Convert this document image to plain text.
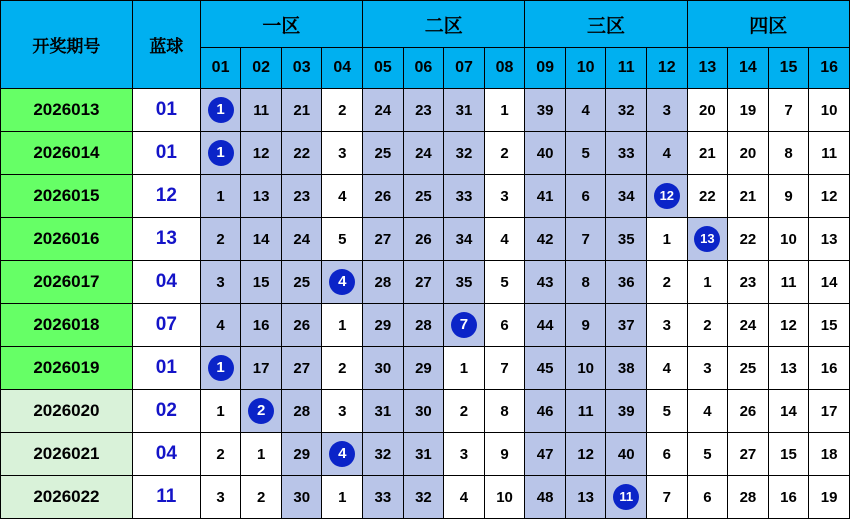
开奖期号	蓝球	一区				二区				三区				四区			
		01	02	03	04	05	06	07	08	09	10	11	12	13	14	15	16
2026013	01	1	11	21	2	24	23	31	1	39	4	32	3	20	19	7	10
2026014	01	1	12	22	3	25	24	32	2	40	5	33	4	21	20	8	11
2026015	12	1	13	23	4	26	25	33	3	41	6	34	12	22	21	9	12
2026016	13	2	14	24	5	27	26	34	4	42	7	35	1	13	22	10	13
2026017	04	3	15	25	4	28	27	35	5	43	8	36	2	1	23	11	14
2026018	07	4	16	26	1	29	28	7	6	44	9	37	3	2	24	12	15
2026019	01	1	17	27	2	30	29	1	7	45	10	38	4	3	25	13	16
2026020	02	1	2	28	3	31	30	2	8	46	11	39	5	4	26	14	17
2026021	04	2	1	29	4	32	31	3	9	47	12	40	6	5	27	15	18
2026022	11	3	2	30	1	33	32	4	10	48	13	11	7	6	28	16	19
